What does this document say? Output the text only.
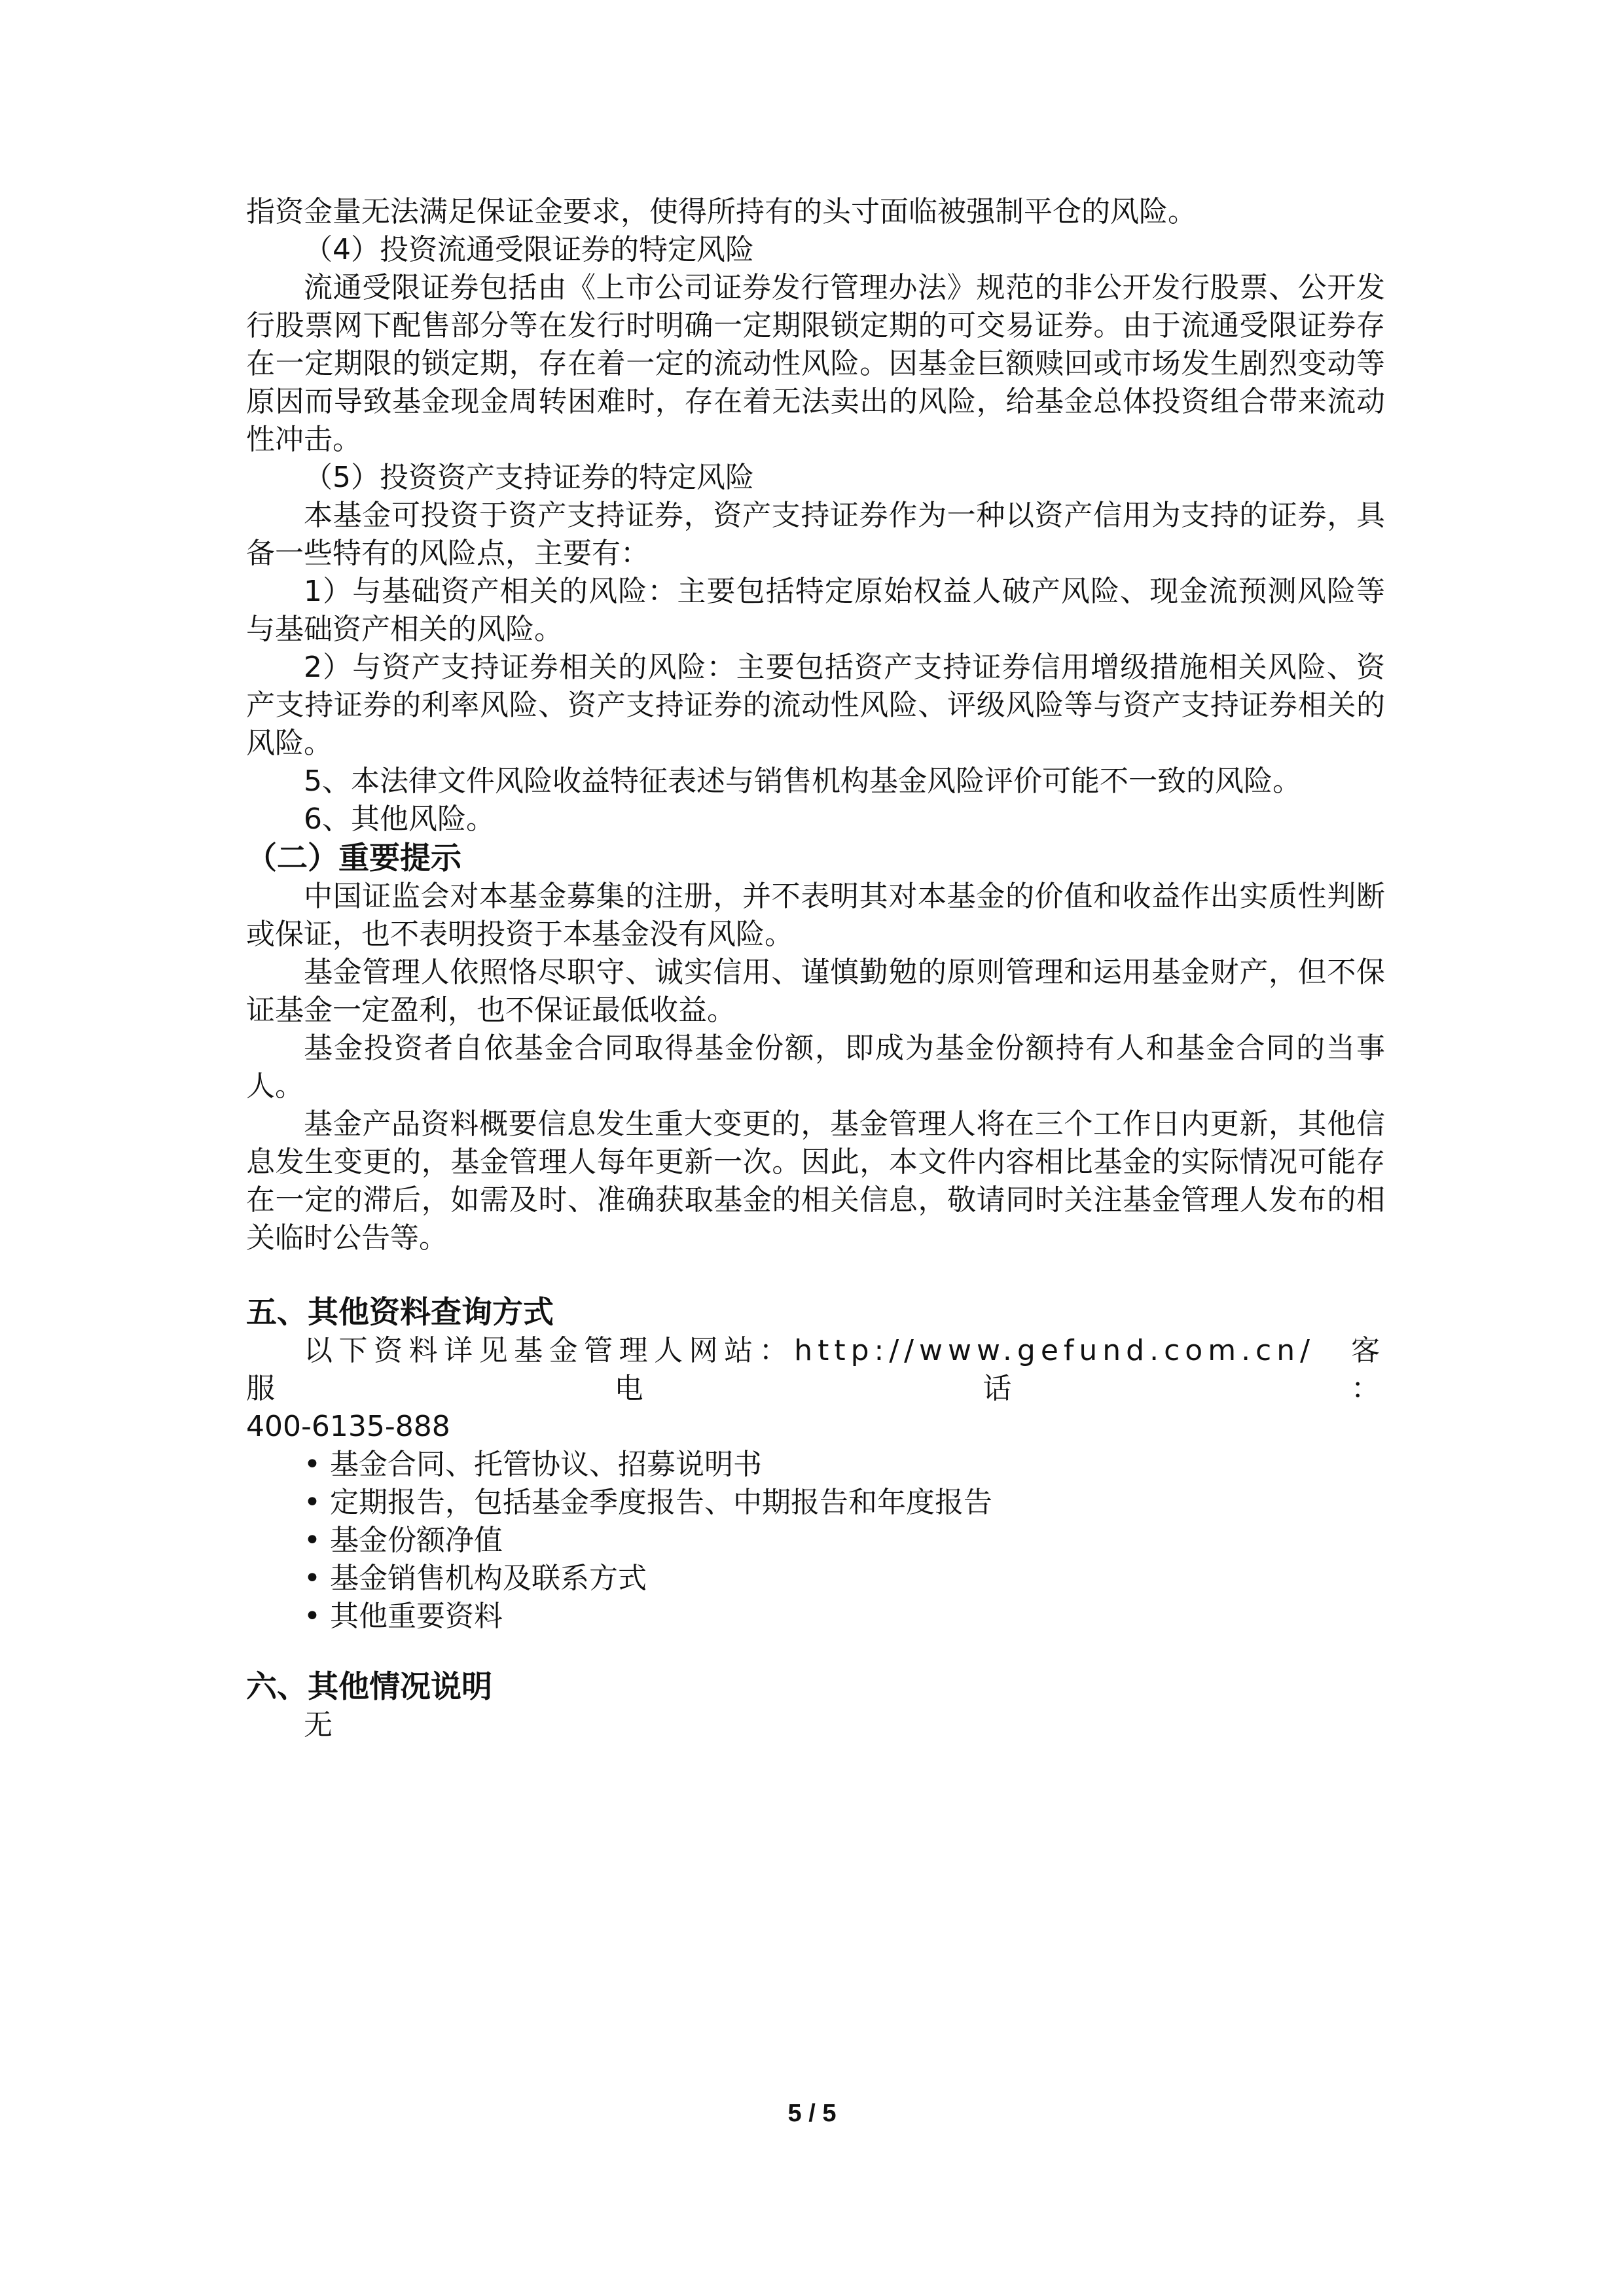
指资金量无法满足保证金要求，使得所持有的头寸面临被强制平仓的风险。

（4）投资流通受限证券的特定风险

流通受限证券包括由《上市公司证券发行管理办法》规范的非公开发行股票、公开发行股票网下配售部分等在发行时明确一定期限锁定期的可交易证券。由于流通受限证券存在一定期限的锁定期，存在着一定的流动性风险。因基金巨额赎回或市场发生剧烈变动等原因而导致基金现金周转困难时，存在着无法卖出的风险，给基金总体投资组合带来流动性冲击。

（5）投资资产支持证券的特定风险

本基金可投资于资产支持证券，资产支持证券作为一种以资产信用为支持的证券，具备一些特有的风险点，主要有：

1）与基础资产相关的风险：主要包括特定原始权益人破产风险、现金流预测风险等与基础资产相关的风险。

2）与资产支持证券相关的风险：主要包括资产支持证券信用增级措施相关风险、资产支持证券的利率风险、资产支持证券的流动性风险、评级风险等与资产支持证券相关的风险。

5、本法律文件风险收益特征表述与销售机构基金风险评价可能不一致的风险。

6、其他风险。

（二）重要提示

中国证监会对本基金募集的注册，并不表明其对本基金的价值和收益作出实质性判断或保证，也不表明投资于本基金没有风险。

基金管理人依照恪尽职守、诚实信用、谨慎勤勉的原则管理和运用基金财产，但不保证基金一定盈利，也不保证最低收益。

基金投资者自依基金合同取得基金份额，即成为基金份额持有人和基金合同的当事人。

基金产品资料概要信息发生重大变更的，基金管理人将在三个工作日内更新，其他信息发生变更的，基金管理人每年更新一次。因此，本文件内容相比基金的实际情况可能存在一定的滞后，如需及时、准确获取基金的相关信息，敬请同时关注基金管理人发布的相关临时公告等。

五、其他资料查询方式

以下资料详见基金管理人网站：http://www.gefund.com.cn/　客服电话：

400-6135-888

• 基金合同、托管协议、招募说明书
• 定期报告，包括基金季度报告、中期报告和年度报告
• 基金份额净值
• 基金销售机构及联系方式
• 其他重要资料

六、其他情况说明

无

5 / 5
